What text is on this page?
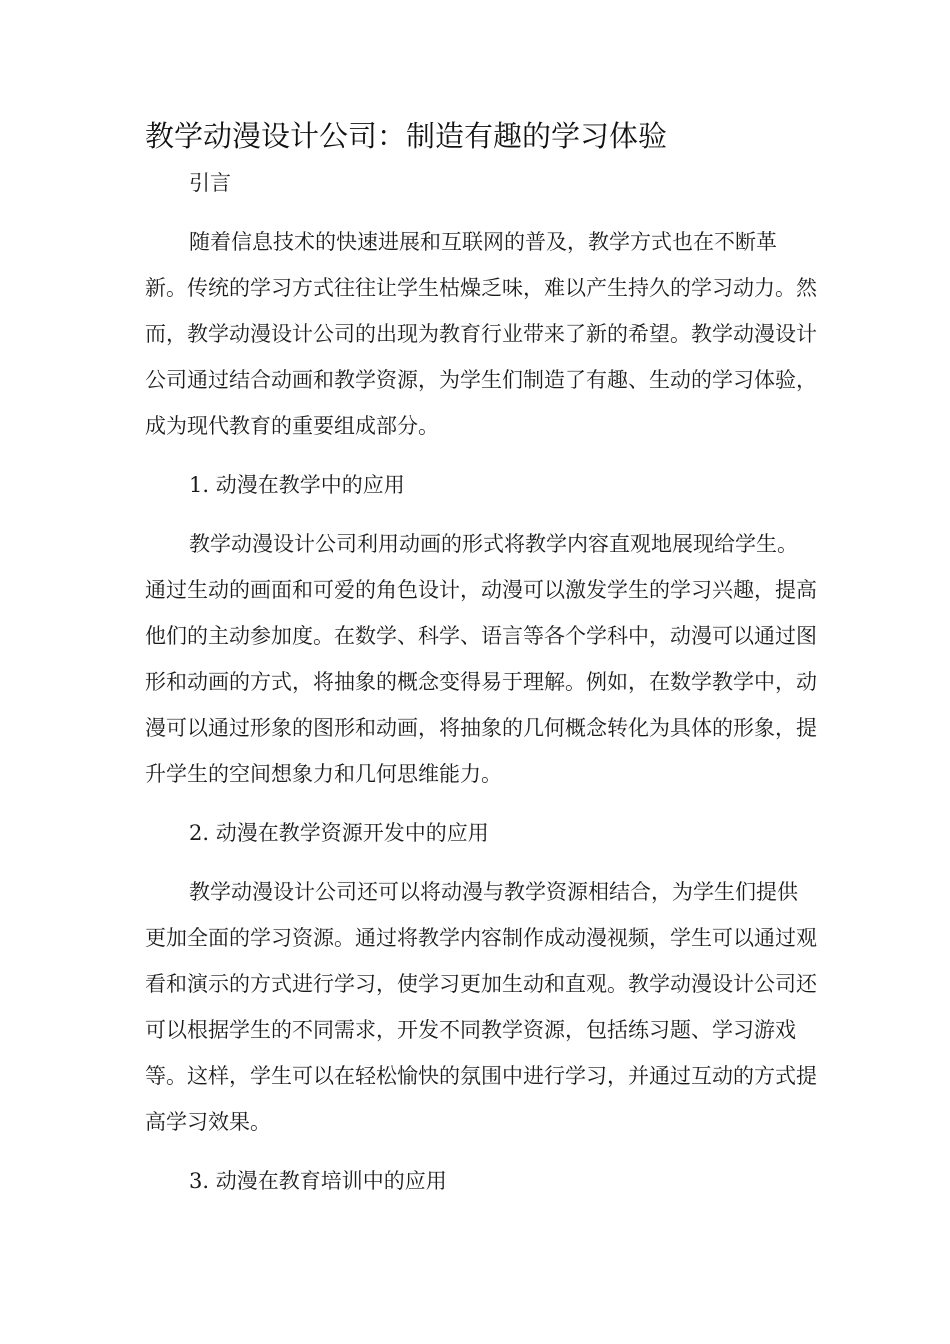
教学动漫设计公司：制造有趣的学习体验

引言

随着信息技术的快速进展和互联网的普及，教学方式也在不断革新。传统的学习方式往往让学生枯燥乏味，难以产生持久的学习动力。然而，教学动漫设计公司的出现为教育行业带来了新的希望。教学动漫设计公司通过结合动画和教学资源，为学生们制造了有趣、生动的学习体验，成为现代教育的重要组成部分。

1. 动漫在教学中的应用

教学动漫设计公司利用动画的形式将教学内容直观地展现给学生。通过生动的画面和可爱的角色设计，动漫可以激发学生的学习兴趣，提高他们的主动参加度。在数学、科学、语言等各个学科中，动漫可以通过图形和动画的方式，将抽象的概念变得易于理解。例如，在数学教学中，动漫可以通过形象的图形和动画，将抽象的几何概念转化为具体的形象，提升学生的空间想象力和几何思维能力。

2. 动漫在教学资源开发中的应用

教学动漫设计公司还可以将动漫与教学资源相结合，为学生们提供更加全面的学习资源。通过将教学内容制作成动漫视频，学生可以通过观看和演示的方式进行学习，使学习更加生动和直观。教学动漫设计公司还可以根据学生的不同需求，开发不同教学资源，包括练习题、学习游戏等。这样，学生可以在轻松愉快的氛围中进行学习，并通过互动的方式提高学习效果。

3. 动漫在教育培训中的应用
